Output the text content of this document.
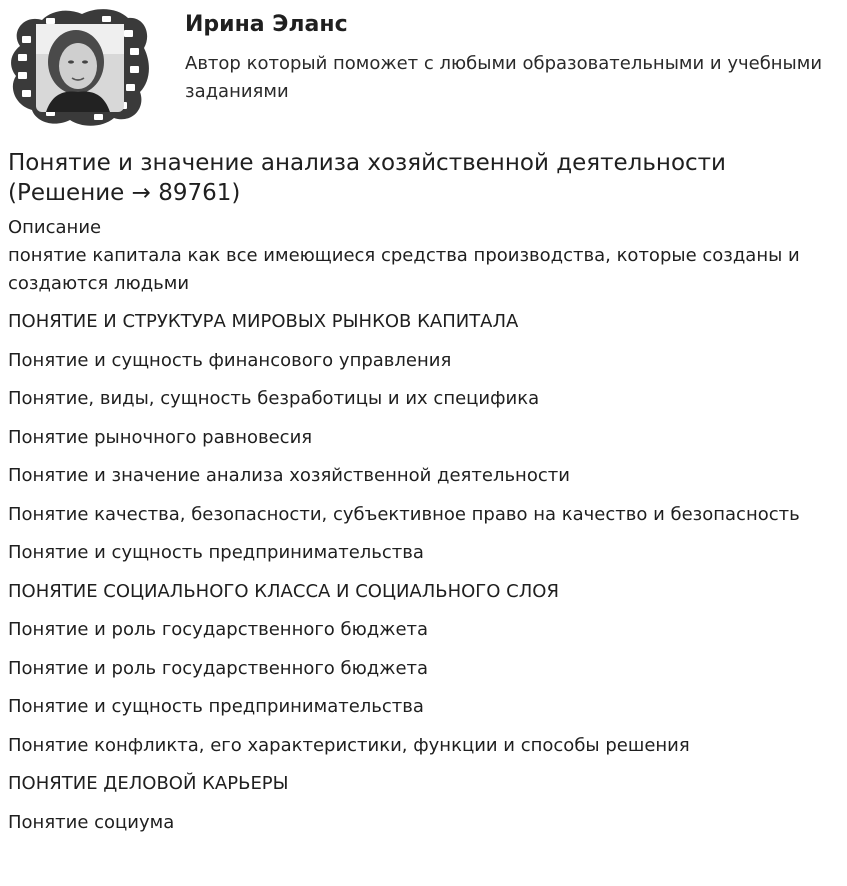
Ирина Эланс

Автор который поможет с любыми образовательными и учебными заданиями

Понятие и значение анализа хозяйственной деятельности (Решение → 89761)

Описание

понятие капитала как все имеющиеся средства производства, которые созданы и создаются людьми

ПОНЯТИЕ И СТРУКТУРА МИРОВЫХ РЫНКОВ КАПИТАЛА
Понятие и сущность финансового управления
Понятие, виды, сущность безработицы и их специфика
Понятие рыночного равновесия
Понятие и значение анализа хозяйственной деятельности
Понятие качества, безопасности, субъективное право на качество и безопасность
Понятие и сущность предпринимательства
ПОНЯТИЕ СОЦИАЛЬНОГО КЛАССА И СОЦИАЛЬНОГО СЛОЯ
Понятие и роль государственного бюджета
Понятие и роль государственного бюджета
Понятие и сущность предпринимательства
Понятие конфликта, его характеристики, функции и способы решения
ПОНЯТИЕ ДЕЛОВОЙ КАРЬЕРЫ
Понятие социума
